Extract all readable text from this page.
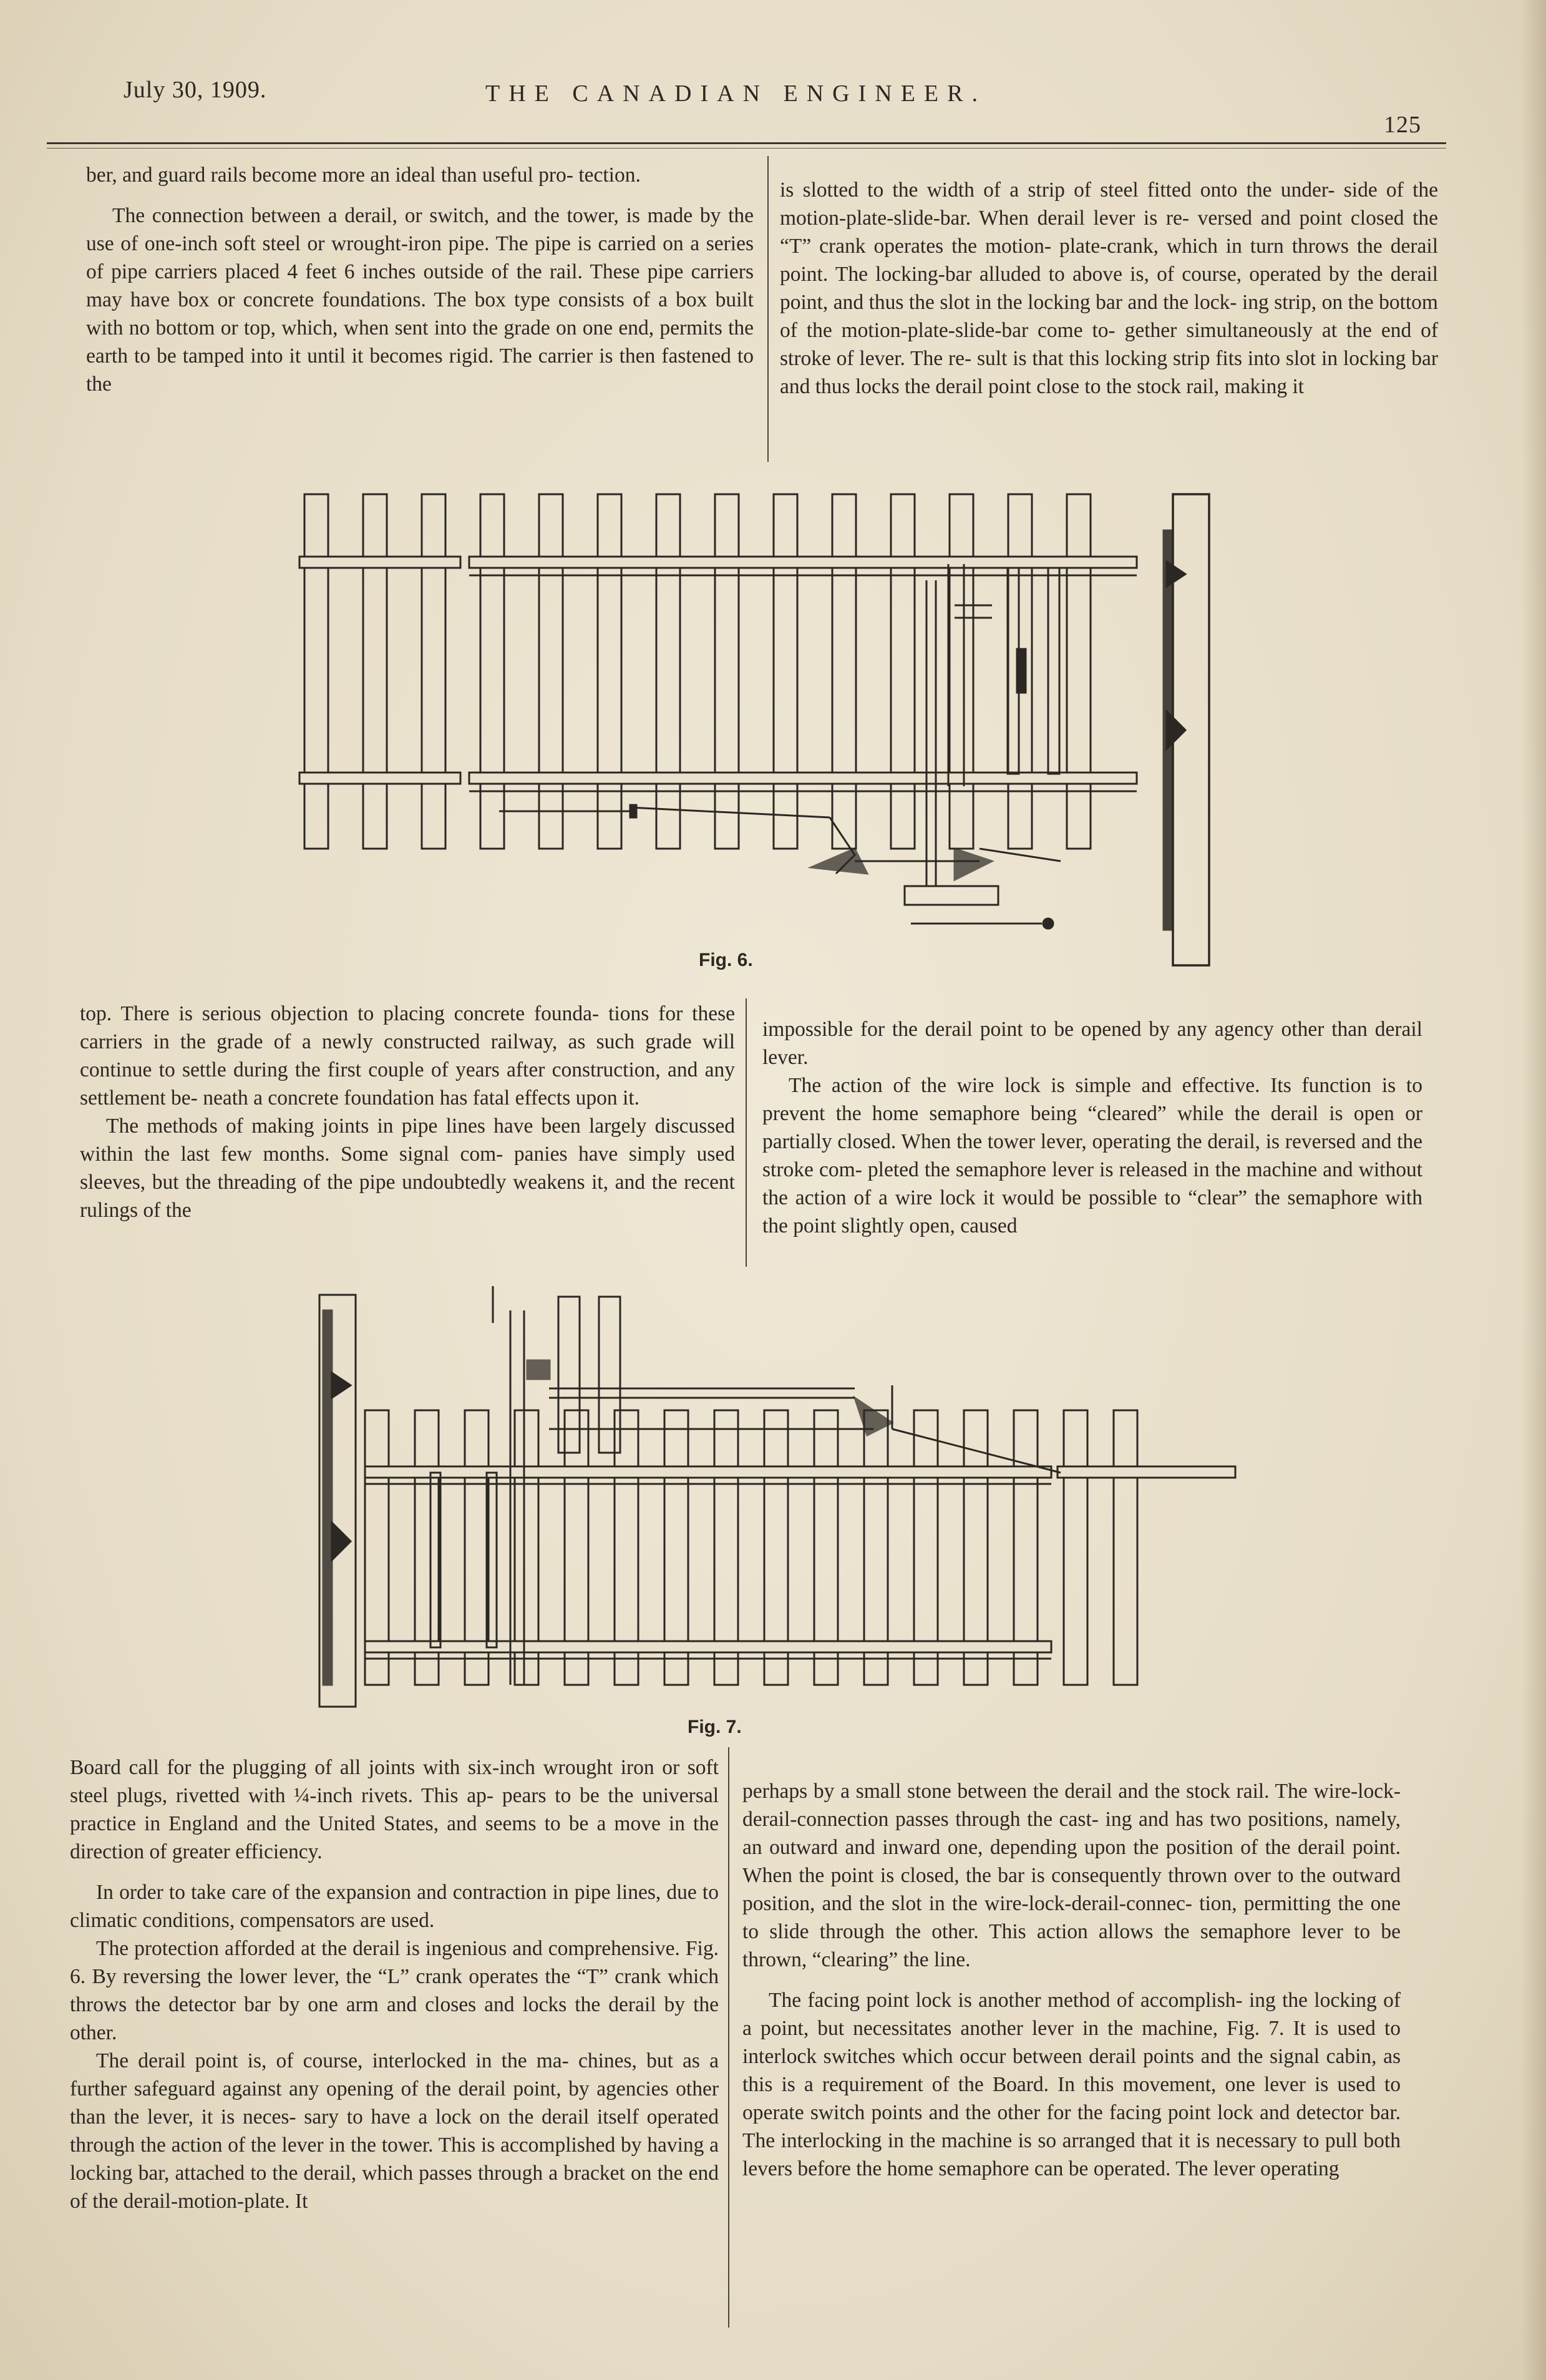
July 30, 1909.	THE CANADIAN ENGINEER.
125

ber, and guard rails become more an ideal than useful pro- tection.

The connection between a derail, or switch, and the tower, is made by the use of one-inch soft steel or wrought-iron pipe. The pipe is carried on a series of pipe carriers placed 4 feet 6 inches outside of the rail. These pipe carriers may have box or concrete foundations. The box type consists of a box built with no bottom or top, which, when sent into the grade on one end, permits the earth to be tamped into it until it becomes rigid. The carrier is then fastened to the

is slotted to the width of a strip of steel fitted onto the under- side of the motion-plate-slide-bar. When derail lever is re- versed and point closed the “T” crank operates the motion- plate-crank, which in turn throws the derail point. The locking-bar alluded to above is, of course, operated by the derail point, and thus the slot in the locking bar and the lock- ing strip, on the bottom of the motion-plate-slide-bar come to- gether simultaneously at the end of stroke of lever. The re- sult is that this locking strip fits into slot in locking bar and thus locks the derail point close to the stock rail, making it

Fig. 6.

top. There is serious objection to placing concrete founda- tions for these carriers in the grade of a newly constructed railway, as such grade will continue to settle during the first couple of years after construction, and any settlement be- neath a concrete foundation has fatal effects upon it.

The methods of making joints in pipe lines have been largely discussed within the last few months. Some signal com- panies have simply used sleeves, but the threading of the pipe undoubtedly weakens it, and the recent rulings of the

impossible for the derail point to be opened by any agency other than derail lever.

The action of the wire lock is simple and effective. Its function is to prevent the home semaphore being “cleared” while the derail is open or partially closed. When the tower lever, operating the derail, is reversed and the stroke com- pleted the semaphore lever is released in the machine and without the action of a wire lock it would be possible to “clear” the semaphore with the point slightly open, caused

Fig. 7.

Board call for the plugging of all joints with six-inch wrought iron or soft steel plugs, rivetted with ¼-inch rivets. This ap- pears to be the universal practice in England and the United States, and seems to be a move in the direction of greater efficiency.

In order to take care of the expansion and contraction in pipe lines, due to climatic conditions, compensators are used.

The protection afforded at the derail is ingenious and comprehensive. Fig. 6. By reversing the lower lever, the “L” crank operates the “T” crank which throws the detector bar by one arm and closes and locks the derail by the other.

The derail point is, of course, interlocked in the ma- chines, but as a further safeguard against any opening of the derail point, by agencies other than the lever, it is neces- sary to have a lock on the derail itself operated through the action of the lever in the tower. This is accomplished by having a locking bar, attached to the derail, which passes through a bracket on the end of the derail-motion-plate. It

perhaps by a small stone between the derail and the stock rail. The wire-lock-derail-connection passes through the cast- ing and has two positions, namely, an outward and inward one, depending upon the position of the derail point. When the point is closed, the bar is consequently thrown over to the outward position, and the slot in the wire-lock-derail-connec- tion, permitting the one to slide through the other. This action allows the semaphore lever to be thrown, “clearing” the line.

The facing point lock is another method of accomplish- ing the locking of a point, but necessitates another lever in the machine, Fig. 7. It is used to interlock switches which occur between derail points and the signal cabin, as this is a requirement of the Board. In this movement, one lever is used to operate switch points and the other for the facing point lock and detector bar. The interlocking in the machine is so arranged that it is necessary to pull both levers before the home semaphore can be operated. The lever operating
